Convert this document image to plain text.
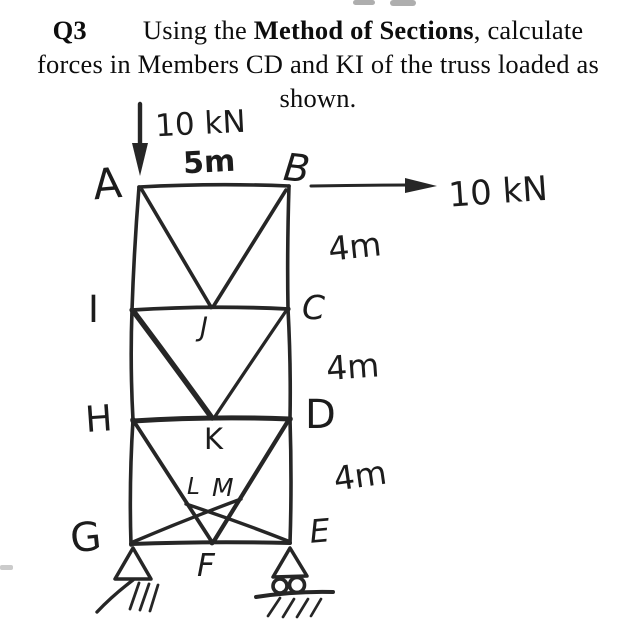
Q3 Using the Method of Sections, calculate

forces in Members CD and KI of the truss loaded as

shown.

A	B
I	C
J
H	D
K
L M
G
F
E
5m
4m
4m
4m
10 kN
10 kN
